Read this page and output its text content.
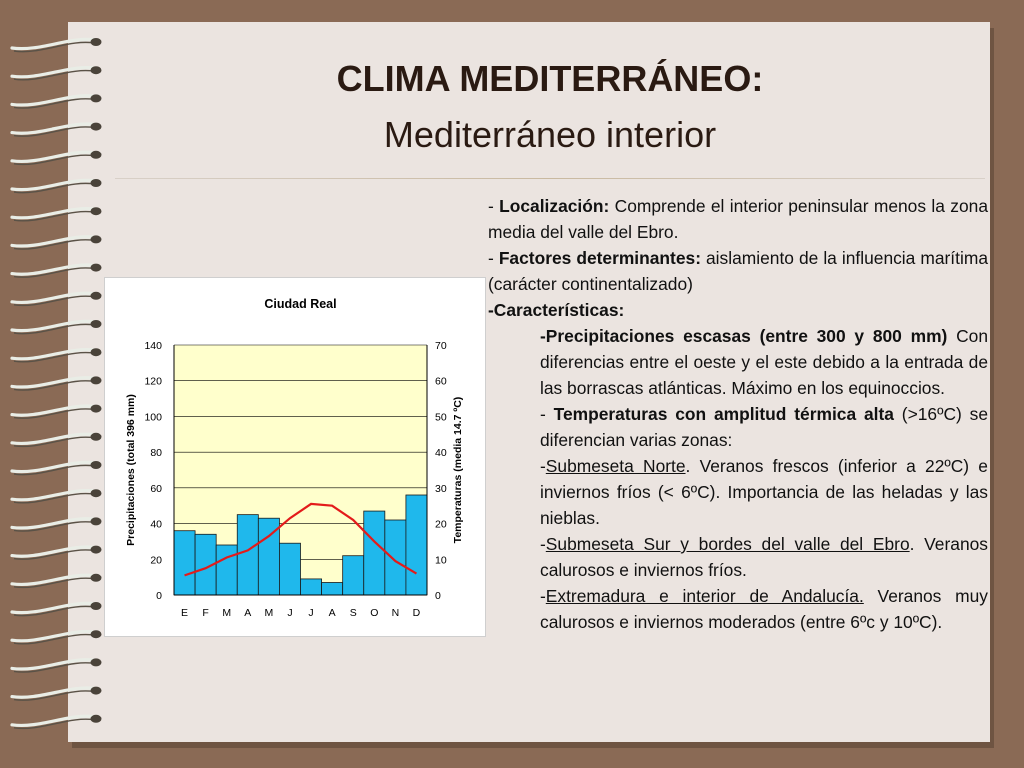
CLIMA MEDITERRÁNEO:
Mediterráneo interior
0
20
40
60
80
100
120
140
0
10
20
30
40
50
60
70
E F M A M J J A S O N D
Ciudad Real
Precipitaciones (total 396 mm)	Temperaturas (media 14.7 ºC)

- Localización: Comprende el interior peninsular menos la zona media del valle del Ebro.

- Factores determinantes: aislamiento de la influencia marítima (carácter continentalizado)

-Características:

-Precipitaciones escasas (entre 300 y 800 mm) Con diferencias entre el oeste y el este debido a la entrada de las borrascas atlánticas. Máximo en los equinoccios.

- Temperaturas con amplitud térmica alta (>16ºC) se diferencian varias zonas:

-Submeseta Norte. Veranos frescos (inferior a 22ºC) e inviernos fríos (< 6ºC). Importancia de las heladas y las nieblas.

-Submeseta Sur y bordes del valle del Ebro. Veranos calurosos e inviernos fríos.

-Extremadura e interior de Andalucía. Veranos muy calurosos e inviernos moderados (entre 6ºc y 10ºC).
